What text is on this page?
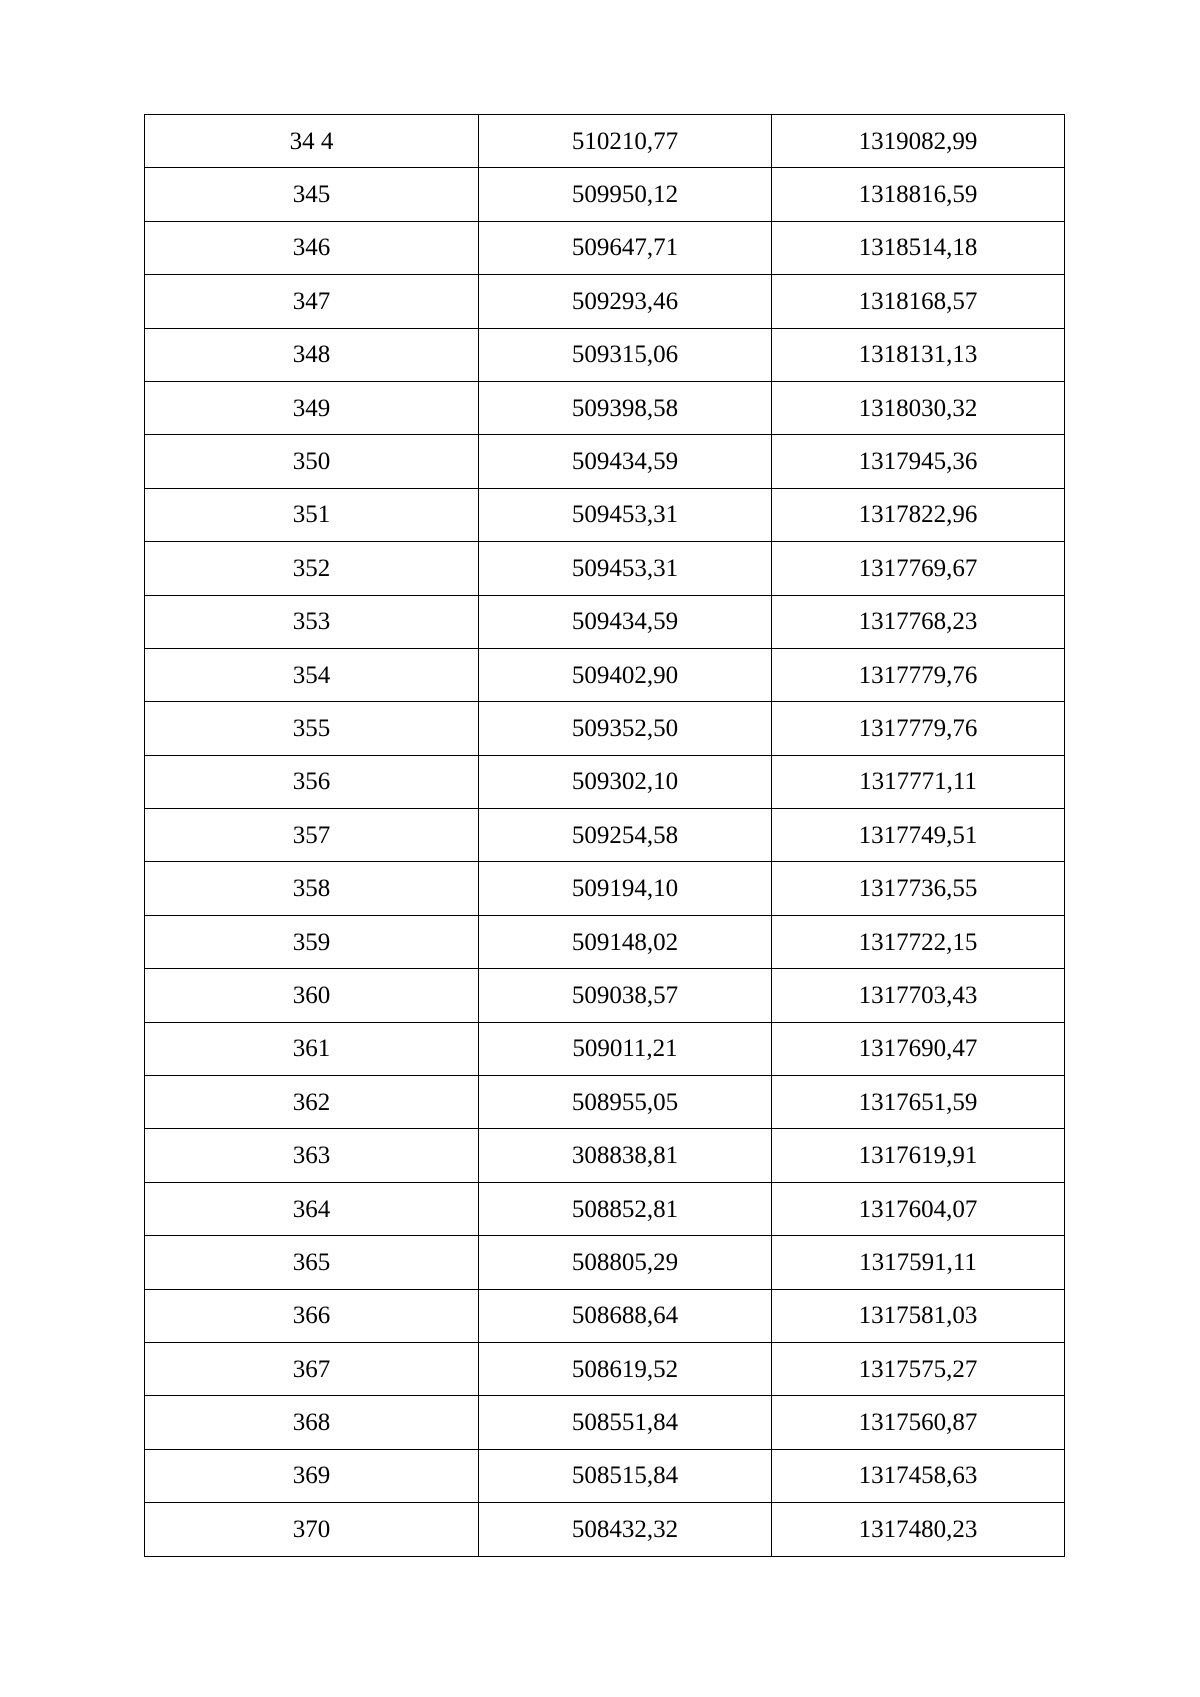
34 4	510210,77	1319082,99
345	509950,12	1318816,59
346	509647,71	1318514,18
347	509293,46	1318168,57
348	509315,06	1318131,13
349	509398,58	1318030,32
350	509434,59	1317945,36
351	509453,31	1317822,96
352	509453,31	1317769,67
353	509434,59	1317768,23
354	509402,90	1317779,76
355	509352,50	1317779,76
356	509302,10	1317771,11
357	509254,58	1317749,51
358	509194,10	1317736,55
359	509148,02	1317722,15
360	509038,57	1317703,43
361	509011,21	1317690,47
362	508955,05	1317651,59
363	308838,81	1317619,91
364	508852,81	1317604,07
365	508805,29	1317591,11
366	508688,64	1317581,03
367	508619,52	1317575,27
368	508551,84	1317560,87
369	508515,84	1317458,63
370	508432,32	1317480,23
